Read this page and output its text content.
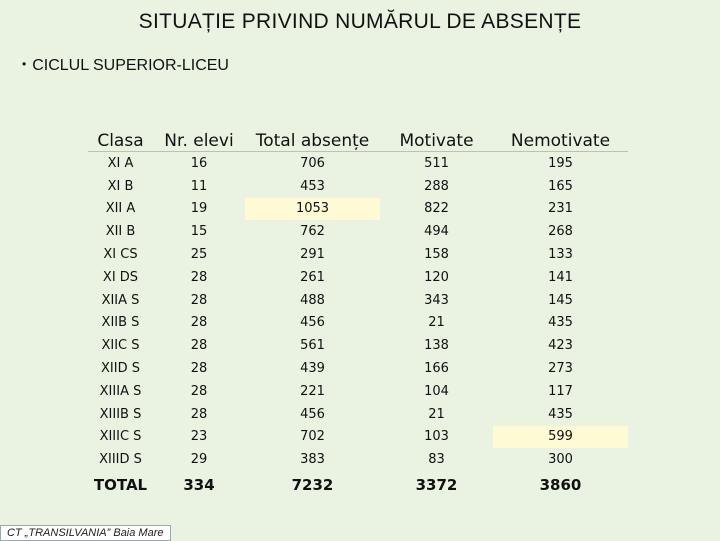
SITUAȚIE PRIVIND NUMĂRUL DE ABSENȚE
• CICLUL SUPERIOR-LICEU
Clasa	Nr. elevi	Total absențe	Motivate	Nemotivate
XI A	16	706	511	195
XI B	11	453	288	165
XII A	19	1053	822	231
XII B	15	762	494	268
XI CS	25	291	158	133
XI DS	28	261	120	141
XIIA S	28	488	343	145
XIIB S	28	456	21	435
XIIC S	28	561	138	423
XIID S	28	439	166	273
XIIIA S	28	221	104	117
XIIIB S	28	456	21	435
XIIIC S	23	702	103	599
XIIID S	29	383	83	300
TOTAL	334	7232	3372	3860
CT „TRANSILVANIA” Baia Mare
